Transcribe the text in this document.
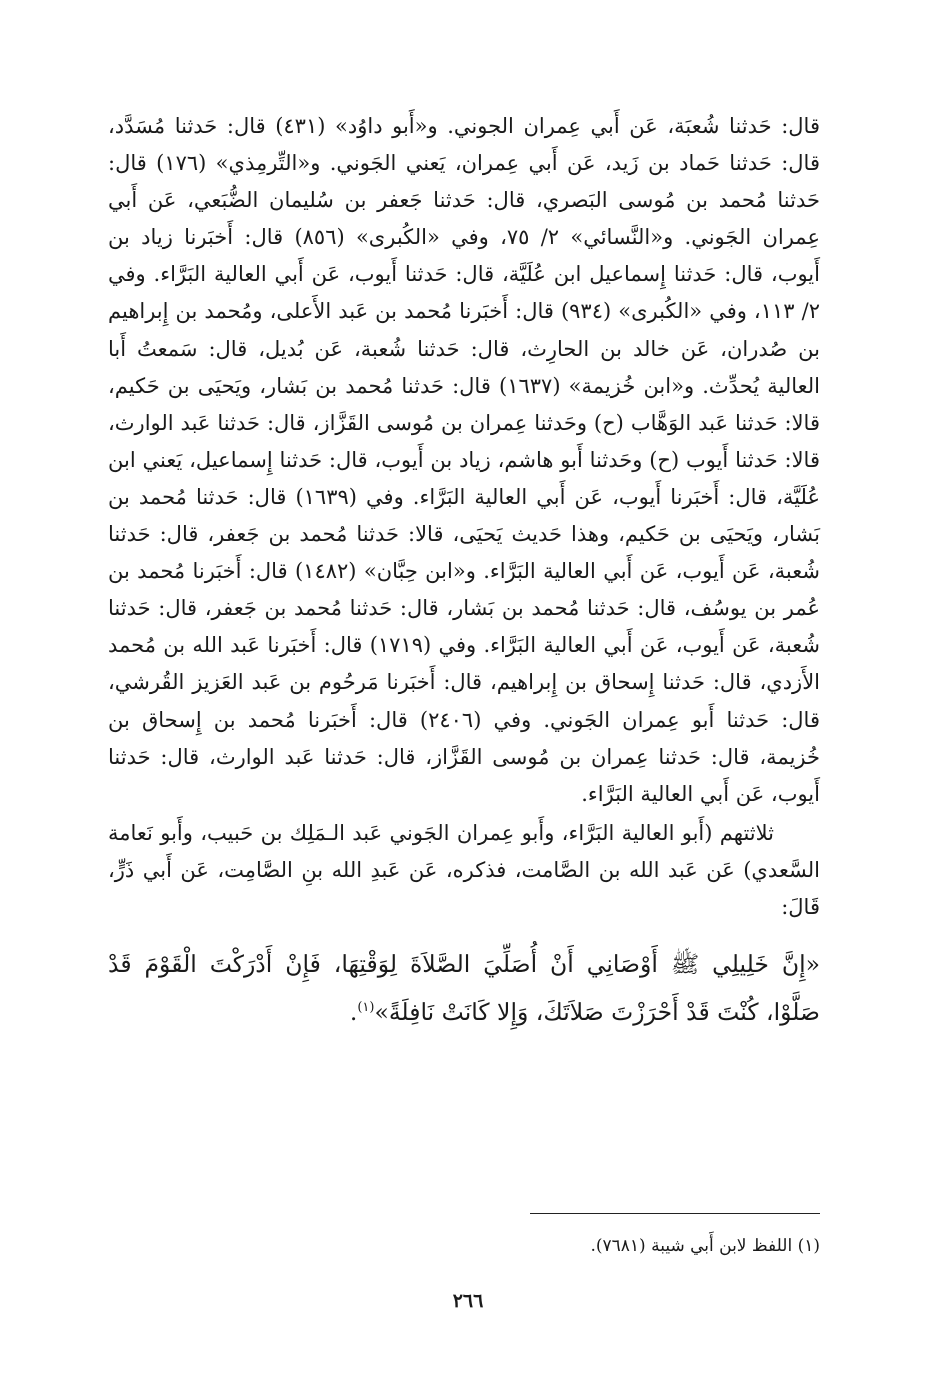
قال: حَدثنا شُعبَة، عَن أَبي عِمران الجوني. و«أَبو داوُد» (٤٣١) قال: حَدثنا مُسَدَّد، قال: حَدثنا حَماد بن زَيد، عَن أَبي عِمران، يَعني الجَوني. و«التِّرمِذي» (١٧٦) قال: حَدثنا مُحمد بن مُوسى البَصري، قال: حَدثنا جَعفر بن سُليمان الضُّبَعي، عَن أَبي عِمران الجَوني. و«النَّسائي» ٢/ ٧٥، وفي «الكُبرى» (٨٥٦) قال: أَخبَرنا زياد بن أَيوب، قال: حَدثنا إِسماعيل ابن عُلَيَّة، قال: حَدثنا أَيوب، عَن أَبي العالية البَرَّاء. وفي ٢/ ١١٣، وفي «الكُبرى» (٩٣٤) قال: أَخبَرنا مُحمد بن عَبد الأَعلى، ومُحمد بن إِبراهيم بن صُدران، عَن خالد بن الحارِث، قال: حَدثنا شُعبة، عَن بُديل، قال: سَمعتُ أَبا العالية يُحدِّث. و«ابن خُزيمة» (١٦٣٧) قال: حَدثنا مُحمد بن بَشار، ويَحيَى بن حَكيم، قالا: حَدثنا عَبد الوَهَّاب (ح) وحَدثنا عِمران بن مُوسى القَزَّاز، قال: حَدثنا عَبد الوارث، قالا: حَدثنا أَيوب (ح) وحَدثنا أَبو هاشم، زياد بن أَيوب، قال: حَدثنا إِسماعيل، يَعني ابن عُلَيَّة، قال: أَخبَرنا أَيوب، عَن أَبي العالية البَرَّاء. وفي (١٦٣٩) قال: حَدثنا مُحمد بن بَشار، ويَحيَى بن حَكيم، وهذا حَديث يَحيَى، قالا: حَدثنا مُحمد بن جَعفر، قال: حَدثنا شُعبة، عَن أَيوب، عَن أَبي العالية البَرَّاء. و«ابن حِبَّان» (١٤٨٢) قال: أَخبَرنا مُحمد بن عُمر بن يوسُف، قال: حَدثنا مُحمد بن بَشار، قال: حَدثنا مُحمد بن جَعفر، قال: حَدثنا شُعبة، عَن أَيوب، عَن أَبي العالية البَرَّاء. وفي (١٧١٩) قال: أَخبَرنا عَبد الله بن مُحمد الأَزدي، قال: حَدثنا إِسحاق بن إِبراهيم، قال: أَخبَرنا مَرحُوم بن عَبد العَزيز القُرشي، قال: حَدثنا أَبو عِمران الجَوني. وفي (٢٤٠٦) قال: أَخبَرنا مُحمد بن إِسحاق بن خُزيمة، قال: حَدثنا عِمران بن مُوسى القَزَّاز، قال: حَدثنا عَبد الوارث، قال: حَدثنا أَيوب، عَن أَبي العالية البَرَّاء.

ثلاثتهم (أَبو العالية البَرَّاء، وأَبو عِمران الجَوني عَبد الـمَلِك بن حَبيب، وأَبو نَعامة السَّعدي) عَن عَبد الله بن الصَّامت، فذكره، عَن عَبدِ الله بنِ الصَّامِت، عَن أَبي ذَرٍّ، قَالَ:

«إِنَّ خَلِيلِي ﷺ أَوْصَانِي أَنْ أُصَلِّيَ الصَّلاَةَ لِوَقْتِهَا، فَإِنْ أَدْرَكْتَ الْقَوْمَ قَدْ صَلَّوْا، كُنْتَ قَدْ أَحْرَزْتَ صَلاَتَكَ، وَإِلا كَانَتْ نَافِلَةً»$^{(١)}$.

(١) اللفظ لابن أَبي شيبة (٧٦٨١).
٢٦٦
